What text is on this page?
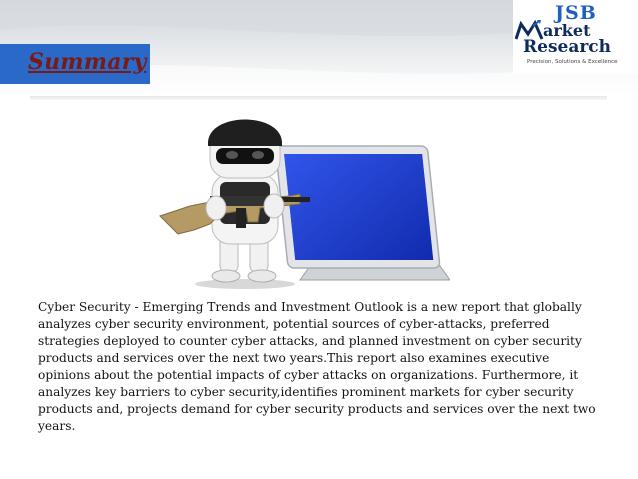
Summary
JSB
arket
Research
Precision, Solutions & Excellence

Cyber Security - Emerging Trends and Investment Outlook is a new report that globally analyzes cyber security environment, potential sources of cyber-attacks, preferred strategies deployed to counter cyber attacks, and planned investment on cyber security products and services over the next two years.This report also examines executive opinions about the potential impacts of cyber attacks on organizations. Furthermore, it analyzes key barriers to cyber security,identifies prominent markets for cyber security products and, projects demand for cyber security products and services over the next two years.
